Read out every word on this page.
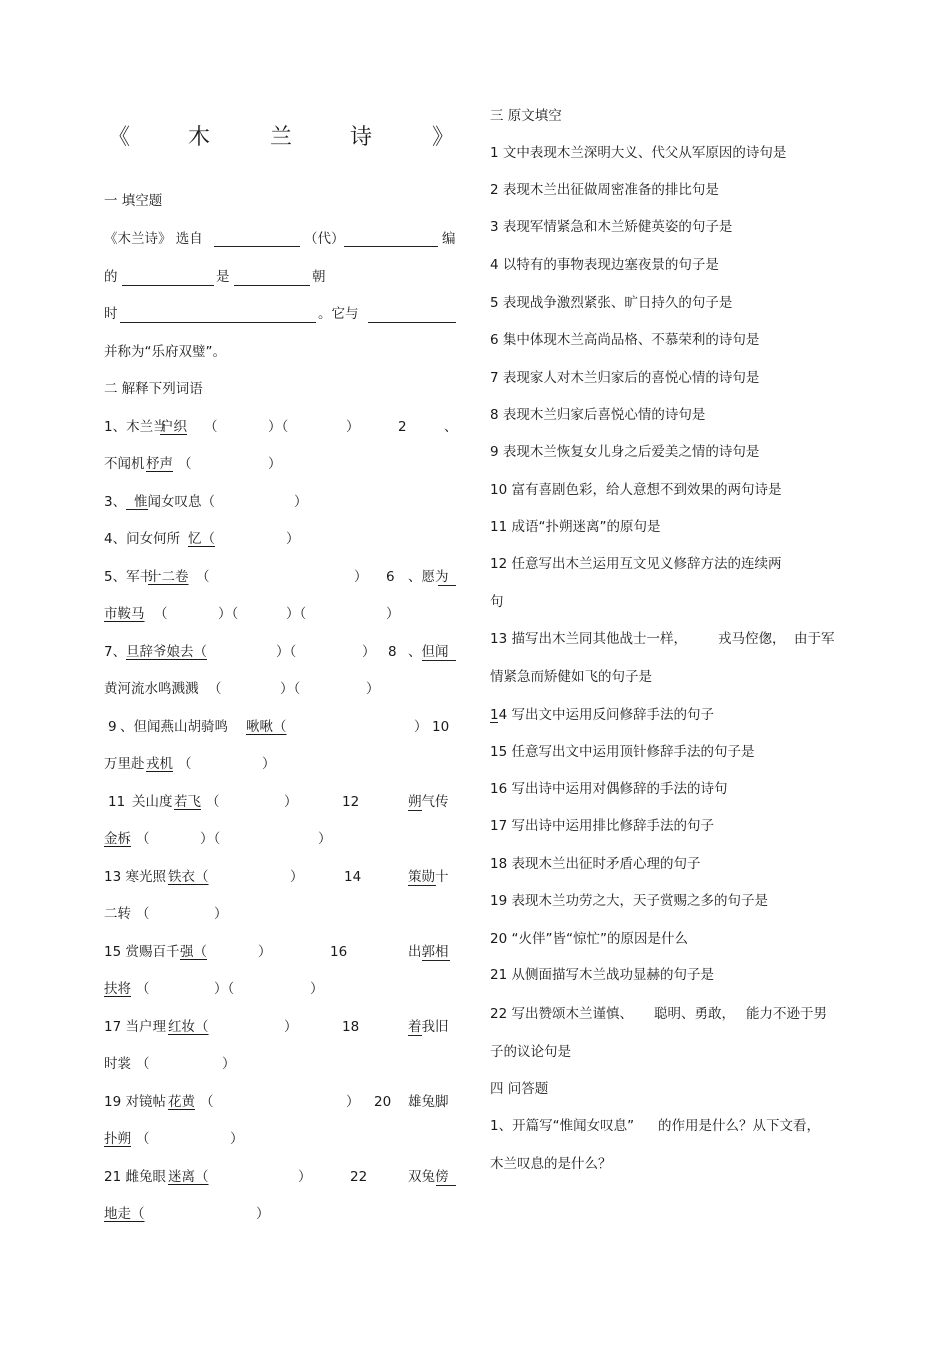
《	木	兰	诗	》
一 填空题
《木兰诗》 选自	（代）	编
的	是	朝
时	。它与
并称为“乐府双璧”。
二 解释下列词语
1、木兰当
户织 （	）（	）	2	、
不闻机 杼声 （	）
3、 惟闻女叹息（	）
4、问女何所 忆（	）
5、军书
十二卷 （	） 6 、愿为
市鞍马 （	）（	）（	）
7、 旦辞爷娘去（	）（	） 8 、但闻
黄河流水鸣溅溅 （	）（	）
9 、但闻燕山胡骑鸣 啾啾（	） 10
万里赴 戎机 （	）
11 关山度 若飞 （	）	12	朔气传
金柝 （	）（	）
13 寒光照 铁衣（	）	14	策勋十
二转 （	）
15 赏赐百千 强（	）	16	出郭相
扶将 （	）（	）
17 当户理 红妆（	）	18	着我旧
时裳 （	）
19 对镜帖 花黄 （	） 20 雄兔脚
扑朔 （	）
21 雌兔眼 迷离（	）	22	双兔傍
地走（	）
三 原文填空
1 文中表现木兰深明大义、代父从军原因的诗句是
2 表现木兰出征做周密准备的排比句是
3 表现军情紧急和木兰矫健英姿的句子是
4 以特有的事物表现边塞夜景的句子是
5 表现战争激烈紧张、旷日持久的句子是
6 集中体现木兰高尚品格、不慕荣利的诗句是
7 表现家人对木兰归家后的喜悦心情的诗句是
8 表现木兰归家后喜悦心情的诗句是
9 表现木兰恢复女儿身之后爱美之情的诗句是
10 富有喜剧色彩，给人意想不到效果的两句诗是
11 成语“扑朔迷离”的原句是
12 任意写出木兰运用互文见义修辞方法的连续两
句
13 描写出木兰同其他战士一样， 戎马倥偬， 由于军
情紧急而矫健如飞的句子是
14 写出文中运用反问修辞手法的句子
15 任意写出文中运用顶针修辞手法的句子是
16 写出诗中运用对偶修辞的手法的诗句
17 写出诗中运用排比修辞手法的句子
18 表现木兰出征时矛盾心理的句子
19 表现木兰功劳之大，天子赏赐之多的句子是
20 “火伴”皆“惊忙”的原因是什么
21 从侧面描写木兰战功显赫的句子是
22 写出赞颂木兰谨慎、 聪明、勇敢， 能力不逊于男
子的议论句是
四 问答题
1、开篇写“惟闻女叹息” 的作用是什么？从下文看，
木兰叹息的是什么？
